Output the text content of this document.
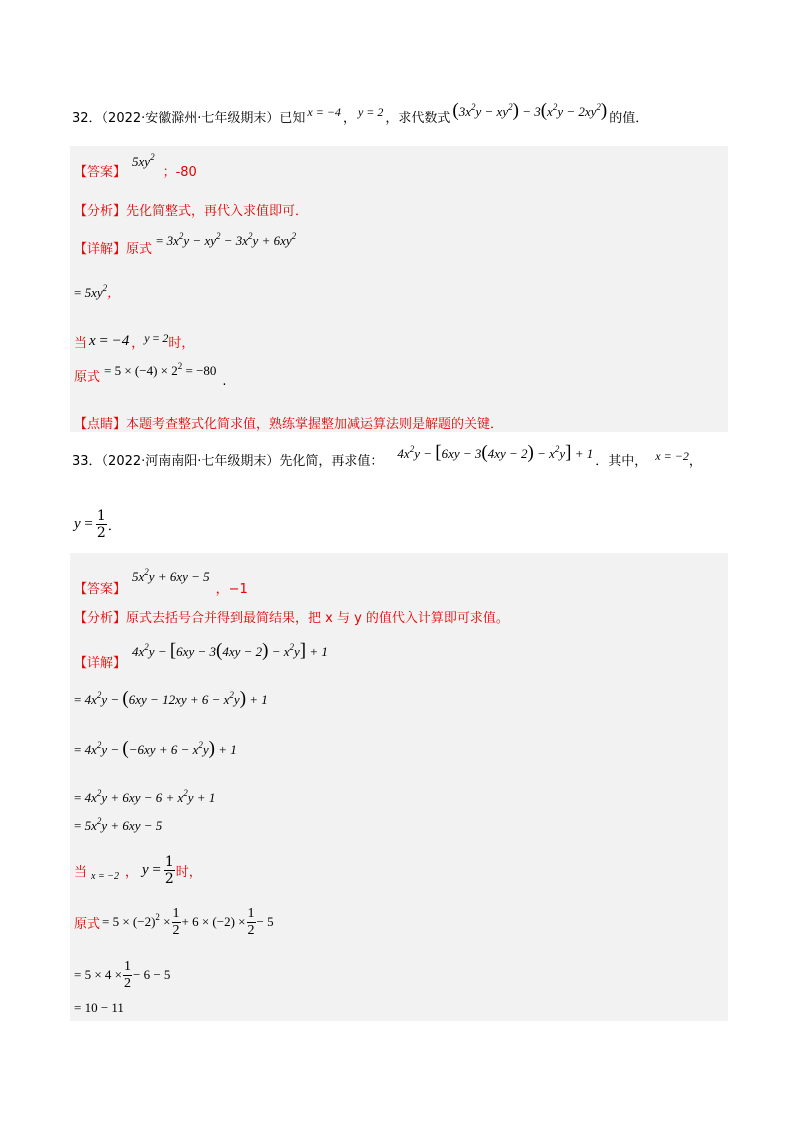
32．（2022·安徽滁州·七年级期末）已知 x = −4 ， y = 2 ，求代数式 $(3x^2y - xy^2) - 3(x^2y - 2xy^2)$ 的值．
【答案】
$5xy^2$
；-80
【分析】先化简整式，再代入求值即可．
【详解】 原式
= $3x^2y - xy^2 - 3x^2y + 6xy^2$
= $5xy^2$，
当 x = −4 ， y = 2 时，
原式 = $5 \times (-4) \times 2^2 = -80$
.
【点睛】本题考查整式化简求值，熟练掌握整加减运算法则是解题的关键．
33．（2022·河南南阳·七年级期末）先化简，再求值： $4x^2y - [6xy - 3(4xy - 2) - x^2y] + 1$ ．其中， x = −2 ，
$y = \frac{1}{2}$ ．
【答案】
$5x^2y + 6xy - 5$
，−1
【分析】原式去括号合并得到最简结果，把 x 与 y 的值代入计算即可求值。
【详解】
$4x^2y - [6xy - 3(4xy - 2) - x^2y] + 1$
= $4x^2y - (6xy - 12xy + 6 - x^2y) + 1$
= $4x^2y - (-6xy + 6 - x^2y) + 1$
= $4x^2y + 6xy - 6 + x^2y + 1$
= $5x^2y + 6xy - 5$
当 x = −2 ， $y = \frac{1}{2}$ 时，
原式 = $5 \times (-2)^2 \times \frac{1}{2} + 6 \times (-2) \times \frac{1}{2} - 5$
= $5 \times 4 \times \frac{1}{2} - 6 - 5$
= 10 − 11
